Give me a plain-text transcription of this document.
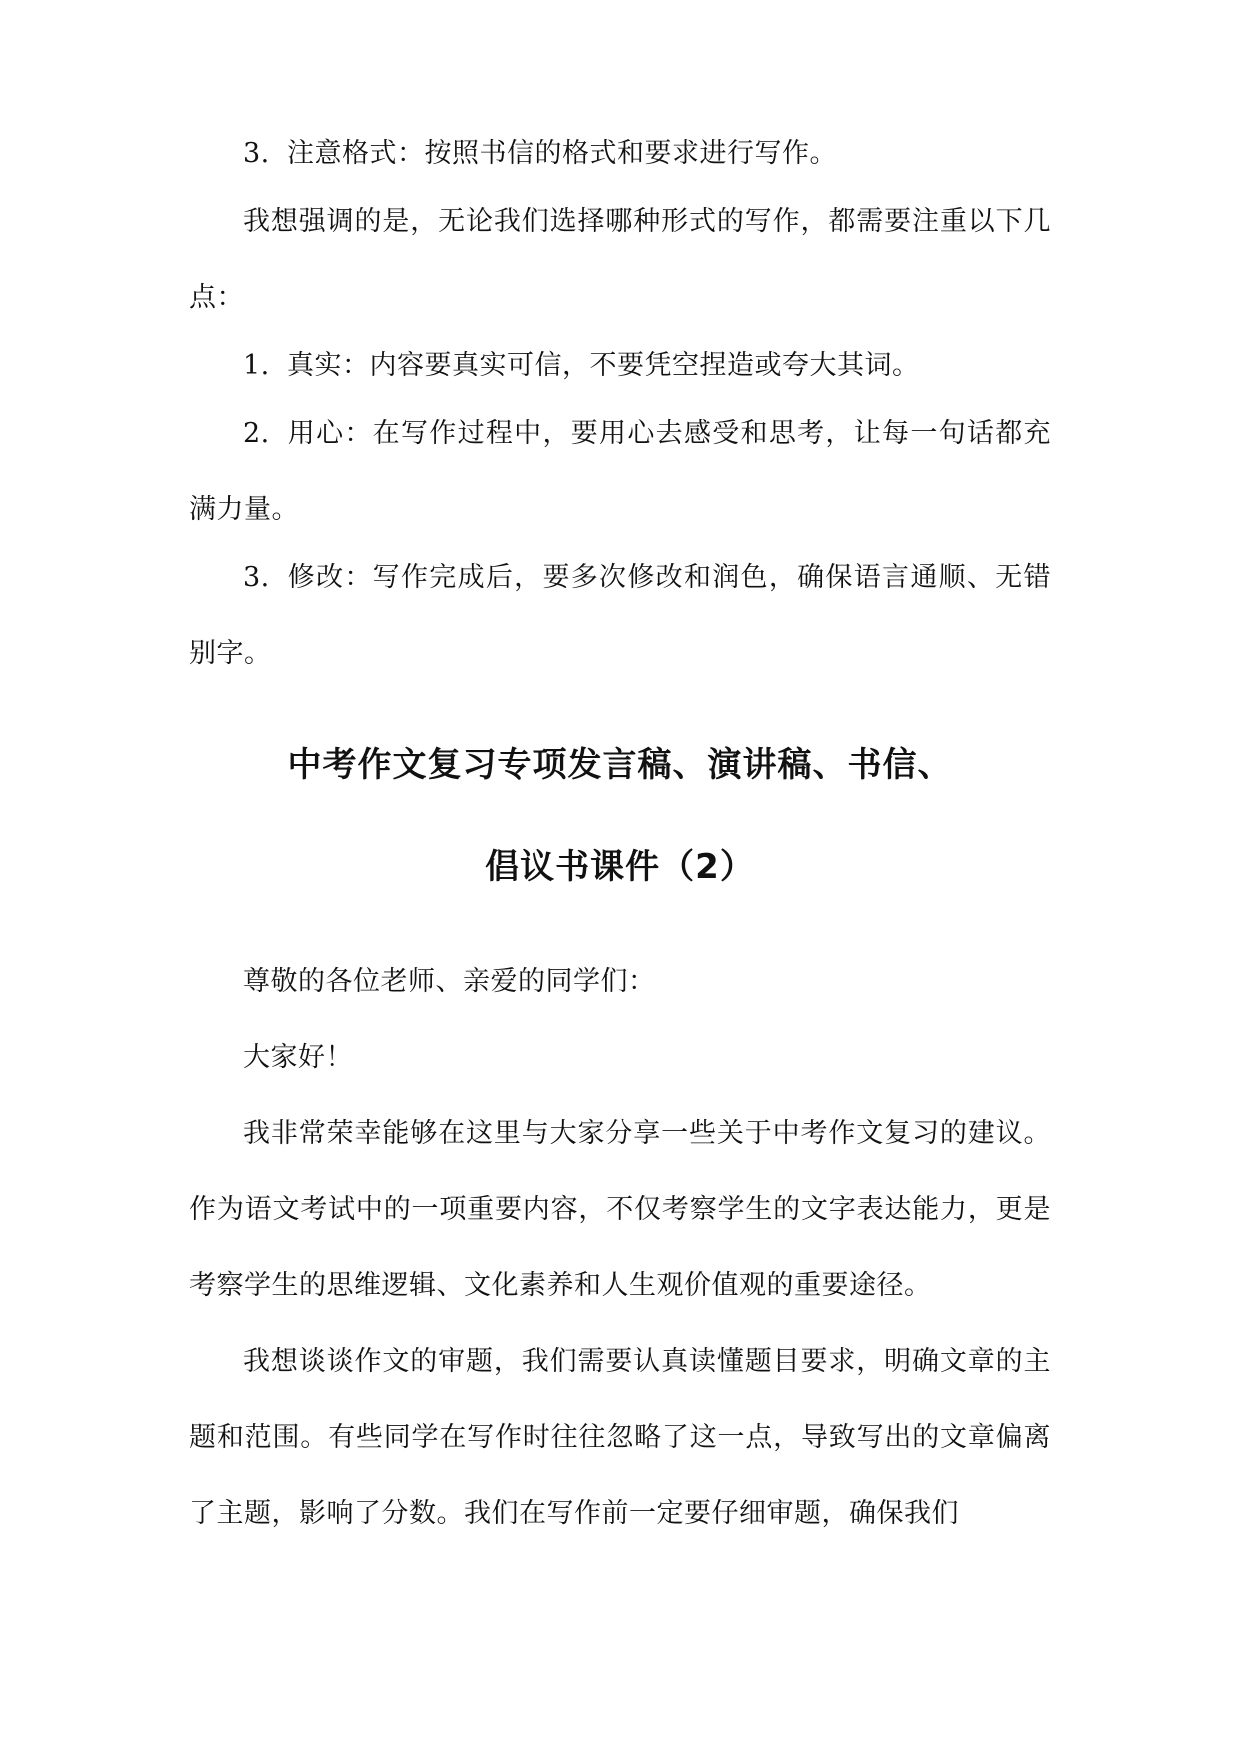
3. 注意格式：按照书信的格式和要求进行写作。

我想强调的是，无论我们选择哪种形式的写作，都需要注重以下几点：

1. 真实：内容要真实可信，不要凭空捏造或夸大其词。

2. 用心：在写作过程中，要用心去感受和思考，让每一句话都充满力量。

3. 修改：写作完成后，要多次修改和润色，确保语言通顺、无错别字。

中考作文复习专项发言稿、演讲稿、书信、
倡议书课件（2）

尊敬的各位老师、亲爱的同学们：

大家好！

我非常荣幸能够在这里与大家分享一些关于中考作文复习的建议。作为语文考试中的一项重要内容，不仅考察学生的文字表达能力，更是考察学生的思维逻辑、文化素养和人生观价值观的重要途径。

我想谈谈作文的审题，我们需要认真读懂题目要求，明确文章的主题和范围。有些同学在写作时往往忽略了这一点，导致写出的文章偏离了主题，影响了分数。我们在写作前一定要仔细审题，确保我们
